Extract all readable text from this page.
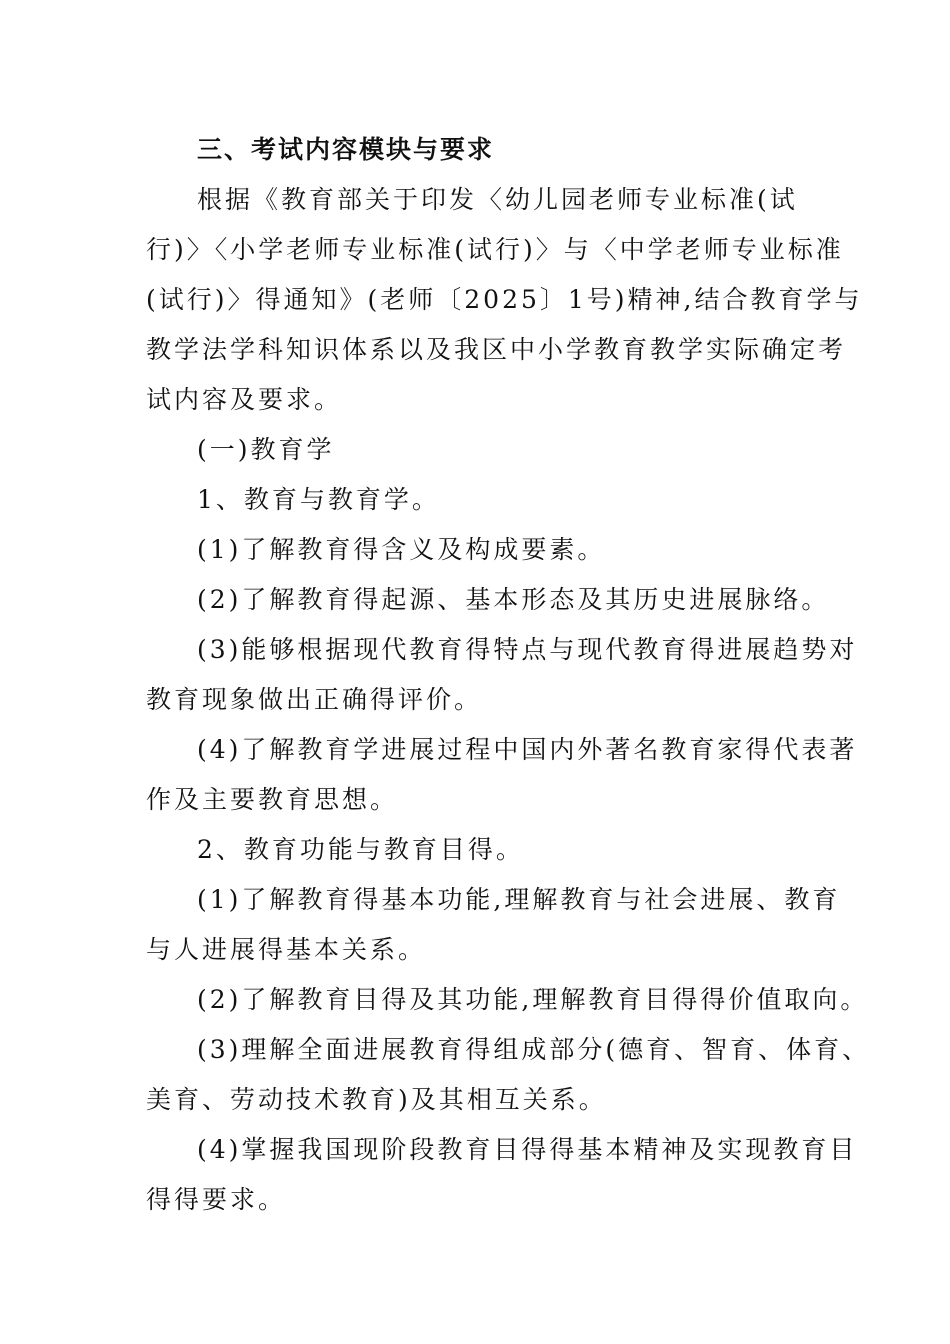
三、考试内容模块与要求
根据《教育部关于印发〈幼儿园老师专业标准(试
行)〉〈小学老师专业标准(试行)〉与〈中学老师专业标准
(试行)〉得通知》(老师〔2025〕1号)精神,结合教育学与
教学法学科知识体系以及我区中小学教育教学实际确定考
试内容及要求。
(一)教育学
1、教育与教育学。
(1)了解教育得含义及构成要素。
(2)了解教育得起源、基本形态及其历史进展脉络。
(3)能够根据现代教育得特点与现代教育得进展趋势对
教育现象做出正确得评价。
(4)了解教育学进展过程中国内外著名教育家得代表著
作及主要教育思想。
2、教育功能与教育目得。
(1)了解教育得基本功能,理解教育与社会进展、教育
与人进展得基本关系。
(2)了解教育目得及其功能,理解教育目得得价值取向。
(3)理解全面进展教育得组成部分(德育、智育、体育、
美育、劳动技术教育)及其相互关系。
(4)掌握我国现阶段教育目得得基本精神及实现教育目
得得要求。
